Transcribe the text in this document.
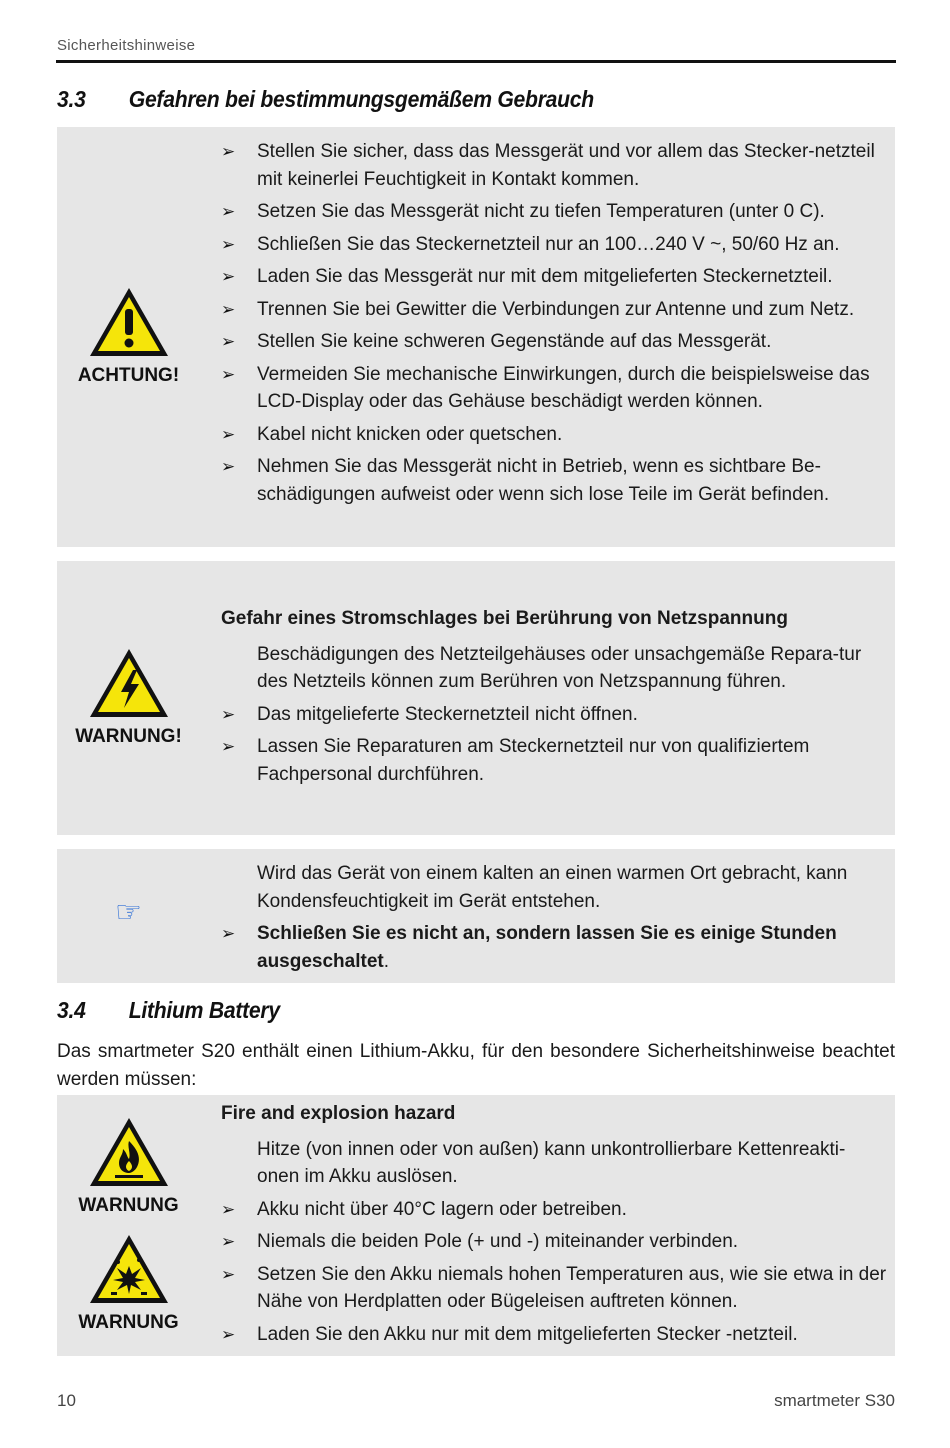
Sicherheitshinweise
3.3 Gefahren bei bestimmungsgemäßem Gebrauch
ACHTUNG!
➢ Stellen Sie sicher, dass das Messgerät und vor allem das Stecker-netzteil mit keinerlei Feuchtigkeit in Kontakt kommen.
➢ Setzen Sie das Messgerät nicht zu tiefen Temperaturen (unter 0 C).
➢ Schließen Sie das Steckernetzteil nur an 100…240 V ~, 50/60 Hz an.
➢ Laden Sie das Messgerät nur mit dem mitgelieferten Steckernetzteil.
➢ Trennen Sie bei Gewitter die Verbindungen zur Antenne und zum Netz.
➢ Stellen Sie keine schweren Gegenstände auf das Messgerät.
➢ Vermeiden Sie mechanische Einwirkungen, durch die beispielsweise das LCD-Display oder das Gehäuse beschädigt werden können.
➢ Kabel nicht knicken oder quetschen.
➢ Nehmen Sie das Messgerät nicht in Betrieb, wenn es sichtbare Be-schädigungen aufweist oder wenn sich lose Teile im Gerät befinden.
WARNUNG!
Gefahr eines Stromschlages bei Berührung von Netzspannung

Beschädigungen des Netzteilgehäuses oder unsachgemäße Repara-tur des Netzteils können zum Berühren von Netzspannung führen.

➢ Das mitgelieferte Steckernetzteil nicht öffnen.
➢ Lassen Sie Reparaturen am Steckernetzteil nur von qualifiziertem Fachpersonal durchführen.
☞

Wird das Gerät von einem kalten an einen warmen Ort gebracht, kann Kondensfeuchtigkeit im Gerät entstehen.

➢ Schließen Sie es nicht an, sondern lassen Sie es einige Stunden ausgeschaltet.
3.4 Lithium Battery
Das smartmeter S20 enthält einen Lithium-Akku, für den besondere Sicherheitshinweise beachtet werden müssen:
WARNUNG
WARNUNG
Fire and explosion hazard

Hitze (von innen oder von außen) kann unkontrollierbare Kettenreakti-onen im Akku auslösen.

➢ Akku nicht über 40°C lagern oder betreiben.
➢ Niemals die beiden Pole (+ und -) miteinander verbinden.
➢ Setzen Sie den Akku niemals hohen Temperaturen aus, wie sie etwa in der Nähe von Herdplatten oder Bügeleisen auftreten können.
➢ Laden Sie den Akku nur mit dem mitgelieferten Stecker -netzteil.
10	smartmeter S30
